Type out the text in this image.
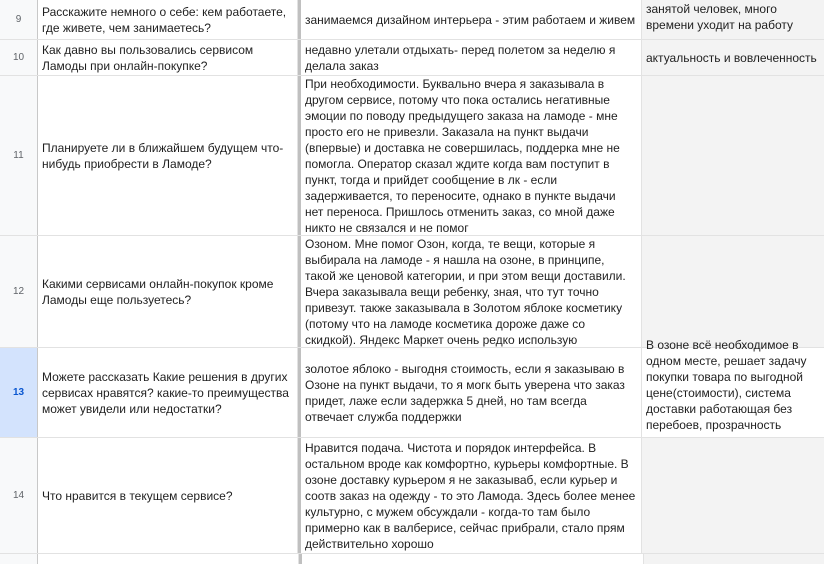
9
Расскажите немного о себе: кем работаете, где живете, чем занимаетесь?
занимаемся дизайном интерьера - этим работаем и живем
занятой человек, много времени уходит на работу
10
Как давно вы пользовались сервисом Ламоды при онлайн-покупке?
недавно улетали отдыхать- перед полетом за неделю я делала заказ
актуальность и вовлеченность
11
Планируете ли в ближайшем будущем что-нибудь приобрести в Ламоде?
При необходимости. Буквально вчера я заказывала в другом сервисе, потому что пока остались негативные эмоции по поводу предыдущего заказа на ламоде - мне просто его не привезли. Заказала на пункт выдачи (впервые) и доставка не совершилась, поддерка мне не помогла. Оператор сказал ждите когда вам поступит в пункт, тогда и прийдет сообщение в лк - если задерживается, то переносите, однако в пункте выдачи нет переноса. Пришлось отменить заказ, со мной даже никто не связался и не помог
12
Какими сервисами онлайн-покупок кроме Ламоды еще пользуетесь?
Озоном. Мне помог Озон, когда, те вещи, которые я выбирала на ламоде - я нашла на озоне, в принципе, такой же ценовой категории, и при этом вещи доставили. Вчера заказывала вещи ребенку, зная, что тут точно привезут. также заказывала в Золотом яблоке косметику (потому что на ламоде косметика дороже даже со скидкой). Яндекс Маркет очень редко использую
13
Можете рассказать Какие решения в других сервисах нравятся? какие-то преимущества может увидели или недостатки?
золотое яблоко - выгодня стоимость, если я заказываю в Озоне на пункт выдачи, то я могк быть уверена что заказ придет, лаже если задержка 5 дней, но там всегда отвечает служба поддержки
В озоне всё необходимое в одном месте, решает задачу покупки товара по выгодной цене(стоимости), система доставки работающая без перебоев, прозрачность
14	Что нравится в текущем сервисе?
Нравится подача. Чистота и порядок интерфейса. В остальном вроде как комфортно, курьеры комфортные. В озоне доставку курьером я не заказываб, если курьер и соотв заказ на одежду - то это Ламода. Здесь более менее культурно, с мужем обсуждали - когда-то там было примерно как в валберисе, сейчас прибрали, стало прям действительно хорошо
